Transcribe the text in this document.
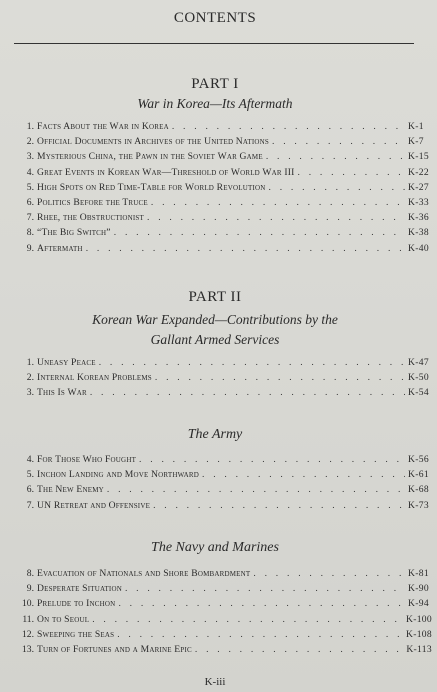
CONTENTS
PART I
War in Korea—Its Aftermath
1. Facts About the War in Korea . . .	K-1
2. Official Documents in Archives of the United Nations . . .	K-7
3. Mysterious China, the Pawn in the Soviet War Game . . .	K-15
4. Great Events in Korean War—Threshold of World War III . . .	K-22
5. High Spots on Red Time-Table for World Revolution . . .	K-27
6. Politics Before the Truce . . .	K-33
7. Rhee, the Obstructionist . . .	K-36
8. “The Big Switch” . . .	K-38
9. Aftermath . . .	K-40
PART II
Korean War Expanded—Contributions by the
Gallant Armed Services
1. Uneasy Peace . . .	K-47
2. Internal Korean Problems . . .	K-50
3. This Is War . . .	K-54
The Army
4. For Those Who Fought . . .	K-56
5. Inchon Landing and Move Northward . . .	K-61
6. The New Enemy . . .	K-68
7. UN Retreat and Offensive . . .	K-73
The Navy and Marines
8. Evacuation of Nationals and Shore Bombardment . . .	K-81
9. Desperate Situation . . .	K-90
10. Prelude to Inchon . . .	K-94
11. On to Seoul . . .	K-100
12. Sweeping the Seas . . .	K-108
13. Turn of Fortunes and a Marine Epic . . .	K-113
K-iii
